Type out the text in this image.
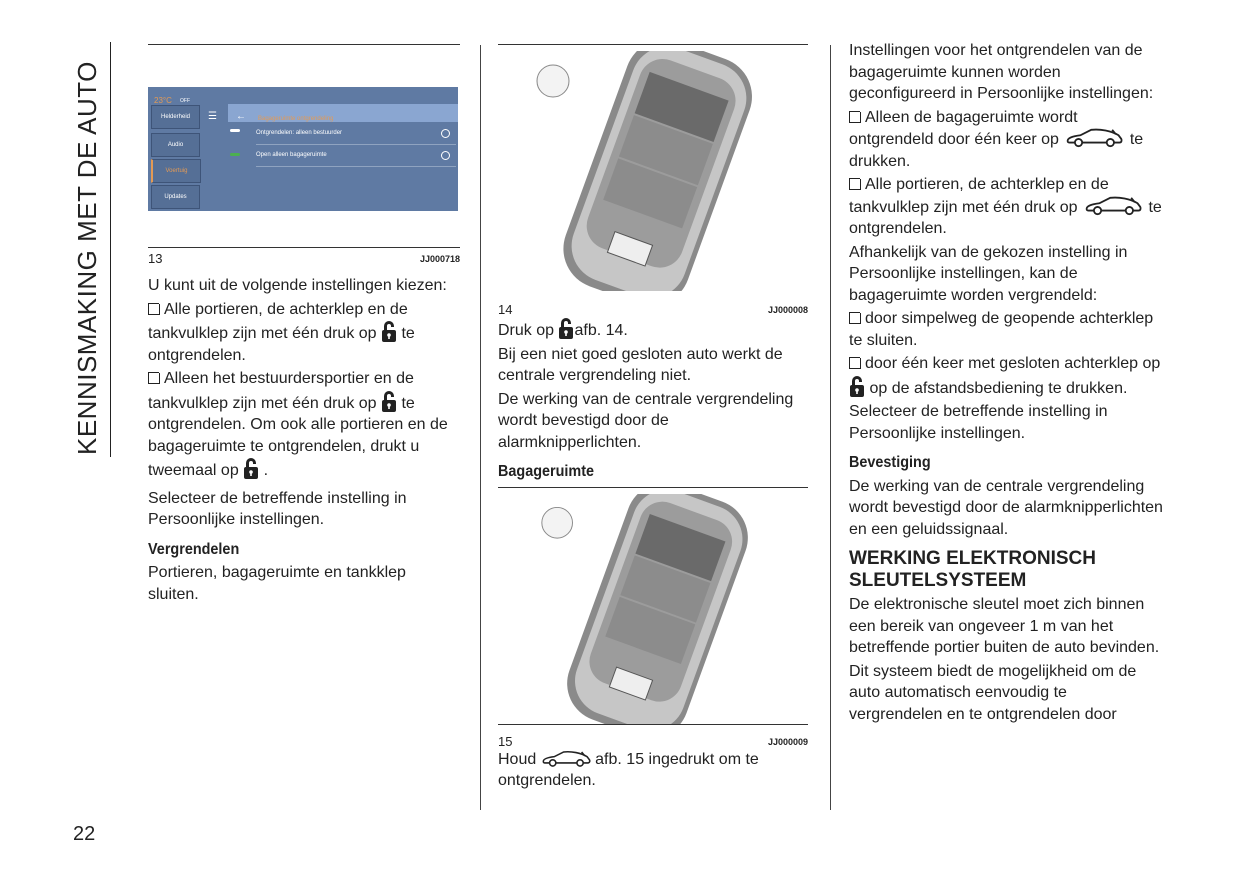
KENNISMAKING MET DE AUTO
22
23°C OFF
Helderheid
Audio
Voertuig
Updates
☰ ← Bagageruimte ontgrendeling
Ontgrendelen: alleen bestuurder
Open alleen bagageruimte
13	JJ000718

U kunt uit de volgende instellingen kiezen:

Alle portieren, de achterklep en de tankvulklep zijn met één druk op te ontgrendelen.

Alleen het bestuurdersportier en de tankvulklep zijn met één druk op te ontgrendelen. Om ook alle portieren en de bagageruimte te ontgrendelen, drukt u tweemaal op .

Selecteer de betreffende instelling in Persoonlijke instellingen.

Vergrendelen

Portieren, bagageruimte en tankklep sluiten.

14	JJ000008

Druk op afb. 14.

Bij een niet goed gesloten auto werkt de centrale vergrendeling niet.

De werking van de centrale vergrendeling wordt bevestigd door de alarmknipperlichten.

Bagageruimte

15	JJ000009

Houd	afb. 15 ingedrukt om te ontgrendelen.

Instellingen voor het ontgrendelen van de bagageruimte kunnen worden geconfigureerd in Persoonlijke instellingen:

Alleen de bagageruimte wordt ontgrendeld door één keer op	te drukken.

Alle portieren, de achterklep en de tankvulklep zijn met één druk op	te ontgrendelen.

Afhankelijk van de gekozen instelling in Persoonlijke instellingen, kan de bagageruimte worden vergrendeld:

door simpelweg de geopende achterklep te sluiten.

door één keer met gesloten achterklep op  op de afstandsbediening te drukken.

Selecteer de betreffende instelling in Persoonlijke instellingen.

Bevestiging

De werking van de centrale vergrendeling wordt bevestigd door de alarmknipperlichten en een geluidssignaal.

WERKING ELEKTRONISCH SLEUTELSYSTEEM

De elektronische sleutel moet zich binnen een bereik van ongeveer 1 m van het betreffende portier buiten de auto bevinden.

Dit systeem biedt de mogelijkheid om de auto automatisch eenvoudig te vergrendelen en te ontgrendelen door
